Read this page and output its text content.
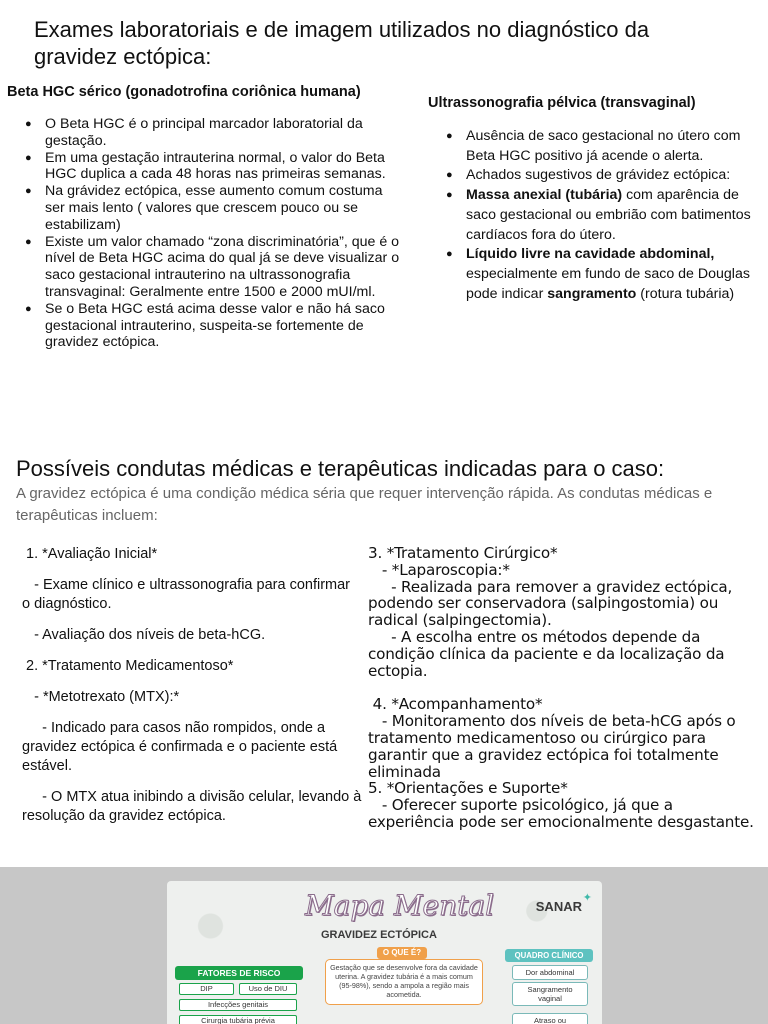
Exames laboratoriais e de imagem utilizados no diagnóstico da gravidez ectópica:
Beta HGC sérico (gonadotrofina coriônica humana)
● O Beta HGC é o principal marcador laboratorial da gestação.
● Em uma gestação intrauterina normal, o valor do Beta HGC duplica a cada 48 horas nas primeiras semanas.
● Na grávidez ectópica, esse aumento comum costuma ser mais lento ( valores que crescem pouco ou se estabilizam)
● Existe um valor chamado “zona discriminatória”, que é o nível de Beta HGC acima do qual já se deve visualizar o saco gestacional intrauterino na ultrassonografia transvaginal: Geralmente entre 1500 e 2000 mUI/ml.
● Se o Beta HGC está acima desse valor e não há saco gestacional intrauterino, suspeita-se fortemente de gravidez ectópica.
Ultrassonografia pélvica (transvaginal)
● Ausência de saco gestacional no útero com Beta HGC positivo já acende o alerta.
● Achados sugestivos de grávidez ectópica:
● Massa anexial (tubária) com aparência de saco gestacional ou embrião com batimentos cardíacos fora do útero.
● Líquido livre na cavidade abdominal, especialmente em fundo de saco de Douglas pode indicar sangramento (rotura tubária)
Possíveis condutas médicas e terapêuticas indicadas para o caso:
A gravidez ectópica é uma condição médica séria que requer intervenção rápida. As condutas médicas e terapêuticas incluem:

1. *Avaliação Inicial*

- Exame clínico e ultrassonografia para confirmar o diagnóstico.

- Avaliação dos níveis de beta-hCG.

2. *Tratamento Medicamentoso*

- *Metotrexato (MTX):*

- Indicado para casos não rompidos, onde a gravidez ectópica é confirmada e o paciente está estável.

- O MTX atua inibindo a divisão celular, levando à resolução da gravidez ectópica.

3. *Tratamento Cirúrgico*
- *Laparoscopia:*
- Realizada para remover a gravidez ectópica, podendo ser conservadora (salpingostomia) ou radical (salpingectomia).
- A escolha entre os métodos depende da condição clínica da paciente e da localização da ectopia.

4. *Acompanhamento*
- Monitoramento dos níveis de beta-hCG após o tratamento medicamentoso ou cirúrgico para garantir que a gravidez ectópica foi totalmente eliminada
5. *Orientações e Suporte*
- Oferecer suporte psicológico, já que a experiência pode ser emocionalmente desgastante.

Mapa Mental	✦
SANAR
GRAVIDEZ ECTÓPICA
O QUE É?
Gestação que se desenvolve fora da cavidade uterina. A gravidez tubária é a mais comum (95-98%), sendo a ampola a região mais acometida.
FATORES DE RISCO
DIP	Uso de DIU
Infecções genitais
Cirurgia tubária prévia
QUADRO CLÍNICO
Dor abdominal
Sangramento vaginal
Atraso ou
